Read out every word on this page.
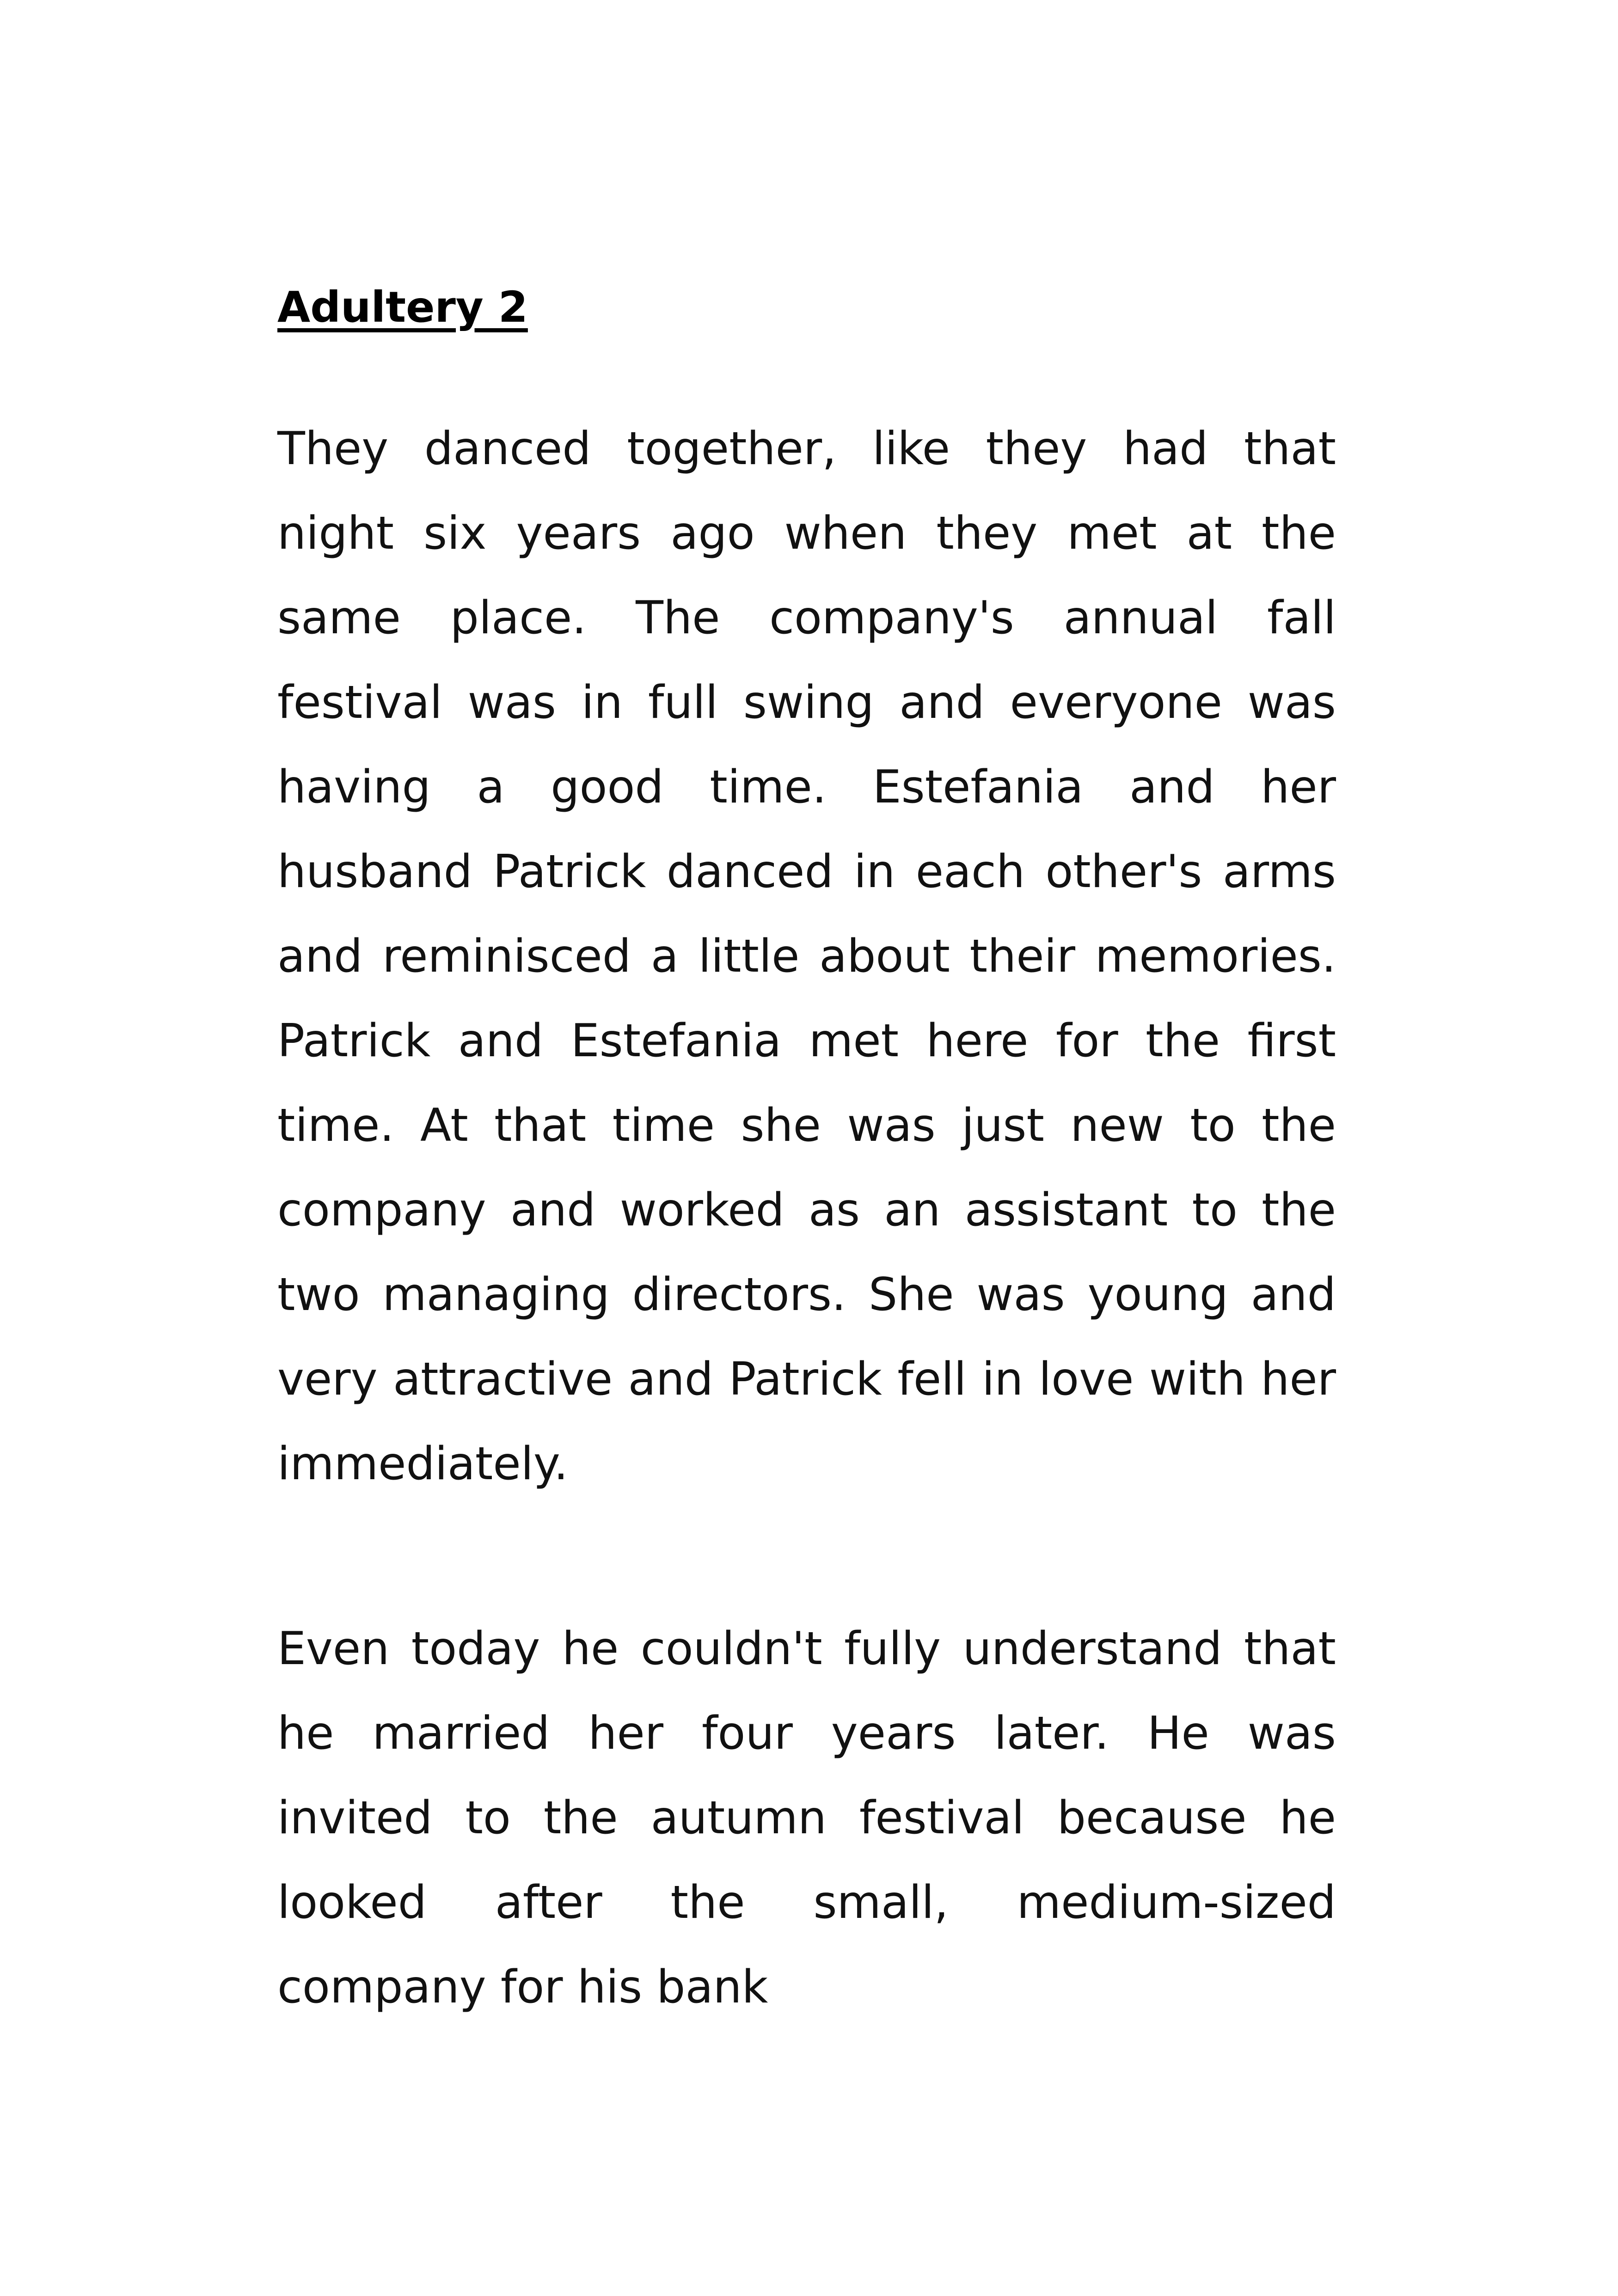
Adultery 2

They danced together, like they had that night six years ago when they met at the same place. The company's annual fall festival was in full swing and everyone was having a good time. Estefania and her husband Patrick danced in each other's arms and reminisced a little about their memories. Patrick and Estefania met here for the first time. At that time she was just new to the company and worked as an assistant to the two managing directors. She was young and very attractive and Patrick fell in love with her immediately.

Even today he couldn't fully understand that he married her four years later. He was invited to the autumn festival because he looked after the small, medium-sized company for his bank
